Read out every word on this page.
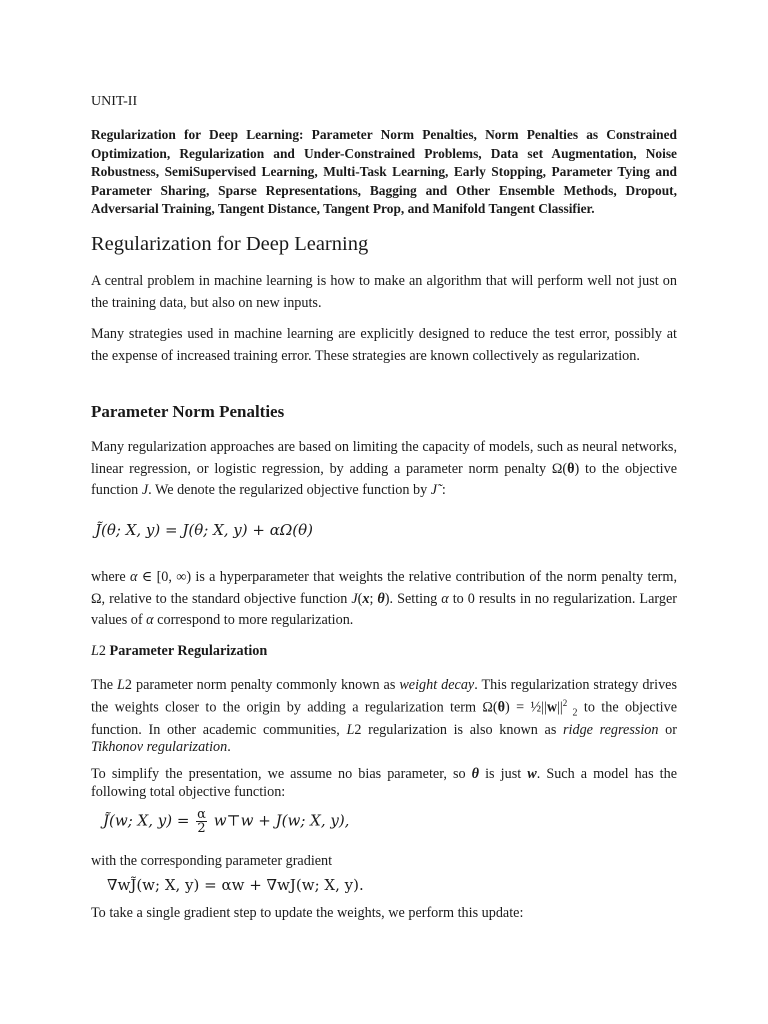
UNIT-II
Regularization for Deep Learning: Parameter Norm Penalties, Norm Penalties as Constrained Optimization, Regularization and Under-Constrained Problems, Data set Augmentation, Noise Robustness, SemiSupervised Learning, Multi-Task Learning, Early Stopping, Parameter Tying and Parameter Sharing, Sparse Representations, Bagging and Other Ensemble Methods, Dropout, Adversarial Training, Tangent Distance, Tangent Prop, and Manifold Tangent Classifier.
Regularization for Deep Learning

A central problem in machine learning is how to make an algorithm that will perform well not just on the training data, but also on new inputs.

Many strategies used in machine learning are explicitly designed to reduce the test error, possibly at the expense of increased training error. These strategies are known collectively as regularization.

Parameter Norm Penalties

Many regularization approaches are based on limiting the capacity of models, such as neural networks, linear regression, or logistic regression, by adding a parameter norm penalty Ω(θ) to the objective function J. We denote the regularized objective function by J˜:

J̃(θ; X, y) = J(θ; X, y) + αΩ(θ)

where α ∈ [0, ∞) is a hyperparameter that weights the relative contribution of the norm penalty term, Ω, relative to the standard objective function J(x; θ). Setting α to 0 results in no regularization. Larger values of α correspond to more regularization.

L2 Parameter Regularization

The L2 parameter norm penalty commonly known as weight decay. This regularization strategy drives the weights closer to the origin by adding a regularization term $\Omega(\theta) = \frac{1}{2}||w||^2$ $_2$ to the objective function. In other academic communities, L2 regularization is also known as ridge regression or Tikhonov regularization.

To simplify the presentation, we assume no bias parameter, so θ is just w. Such a model has the following total objective function:

J̃(w; X, $y) = \frac{\alpha}{2}$ w⊤w + J(w; X, y),

with the corresponding parameter gradient

∇wJ̃(w; X, y) = αw + ∇wJ(w; X, y).

To take a single gradient step to update the weights, we perform this update:
